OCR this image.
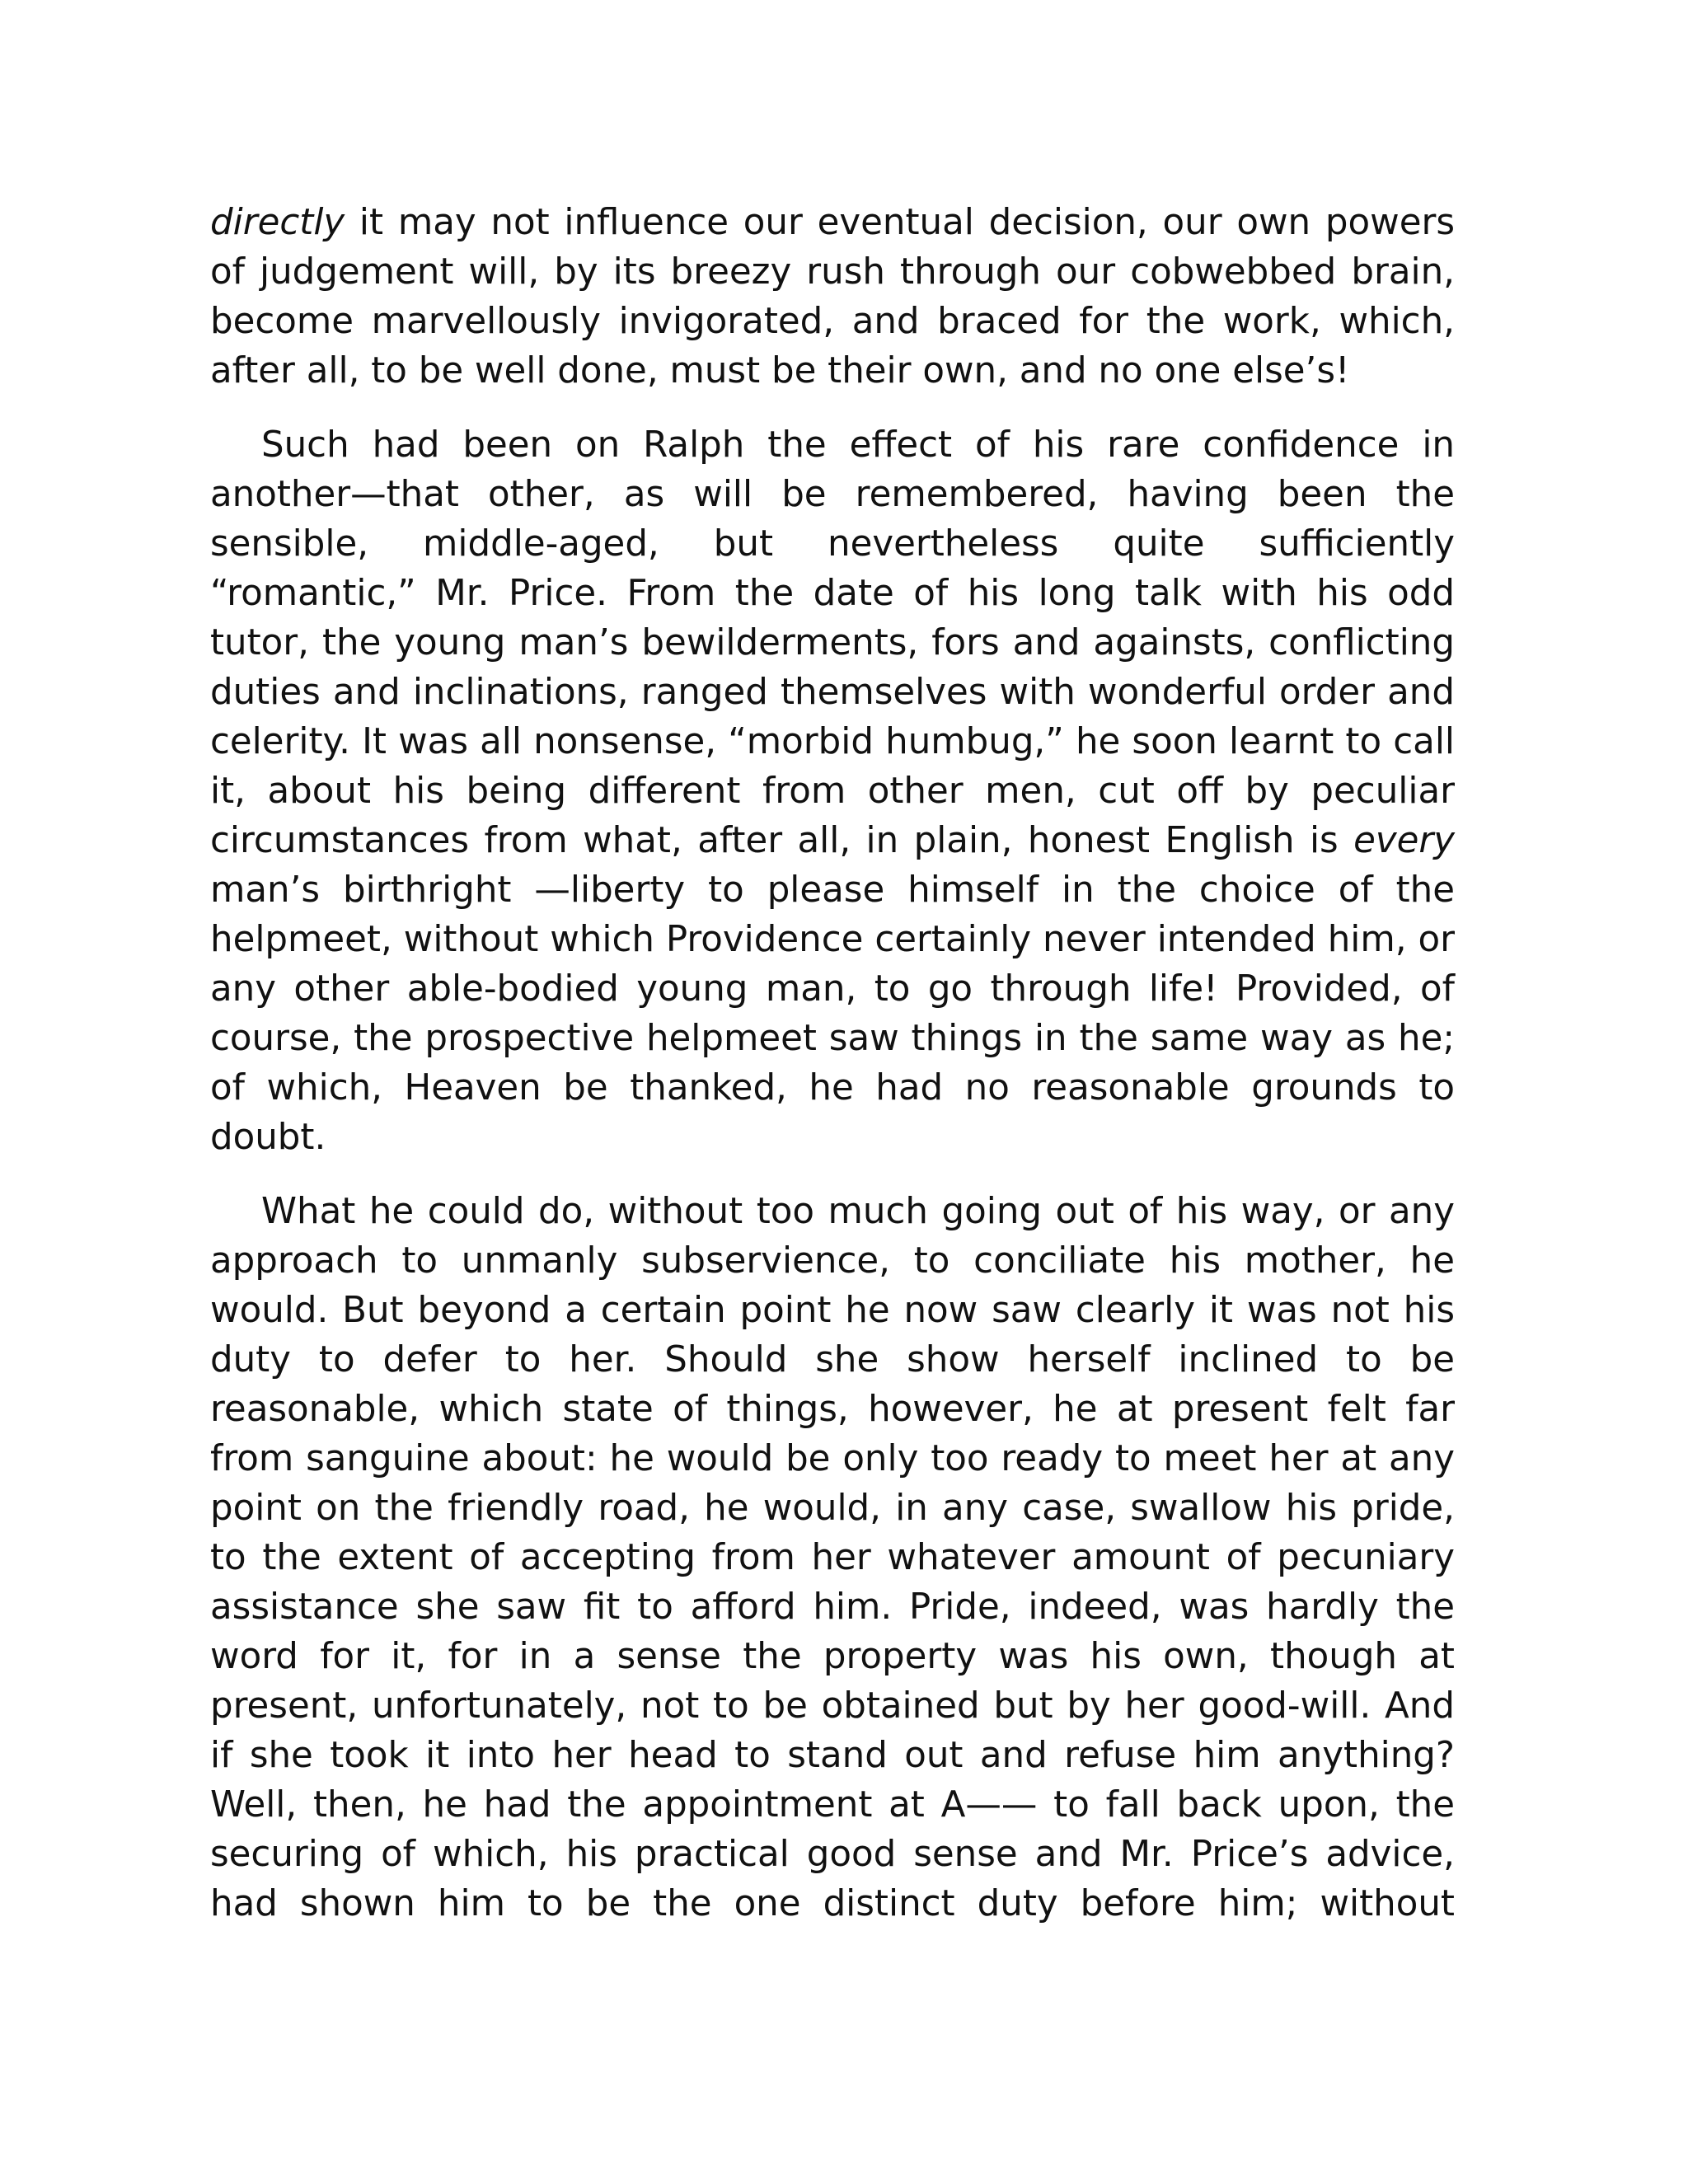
directly it may not influence our eventual decision, our own powers of judgement will, by its breezy rush through our cobwebbed brain, become marvellously invigorated, and braced for the work, which, after all, to be well done, must be their own, and no one else’s!

Such had been on Ralph the effect of his rare confidence in another—that other, as will be remembered, having been the sensible, middle-aged, but nevertheless quite sufficiently “romantic,” Mr. Price. From the date of his long talk with his odd tutor, the young man’s bewilderments, fors and againsts, conflicting duties and inclinations, ranged themselves with wonderful order and celerity. It was all nonsense, “morbid humbug,” he soon learnt to call it, about his being different from other men, cut off by peculiar circumstances from what, after all, in plain, honest English is every man’s birthright —liberty to please himself in the choice of the helpmeet, without which Providence certainly never intended him, or any other able-bodied young man, to go through life! Provided, of course, the prospective helpmeet saw things in the same way as he; of which, Heaven be thanked, he had no reasonable grounds to doubt.

What he could do, without too much going out of his way, or any approach to unmanly subservience, to conciliate his mother, he would. But beyond a certain point he now saw clearly it was not his duty to defer to her. Should she show herself inclined to be reasonable, which state of things, however, he at present felt far from sanguine about: he would be only too ready to meet her at any point on the friendly road, he would, in any case, swallow his pride, to the extent of accepting from her whatever amount of pecuniary assistance she saw fit to afford him. Pride, indeed, was hardly the word for it, for in a sense the property was his own, though at present, unfortunately, not to be obtained but by her good-will. And if she took it into her head to stand out and refuse him anything? Well, then, he had the appointment at A—— to fall back upon, the securing of which, his practical good sense and Mr. Price’s advice, had shown him to be the one distinct duty before him; without
